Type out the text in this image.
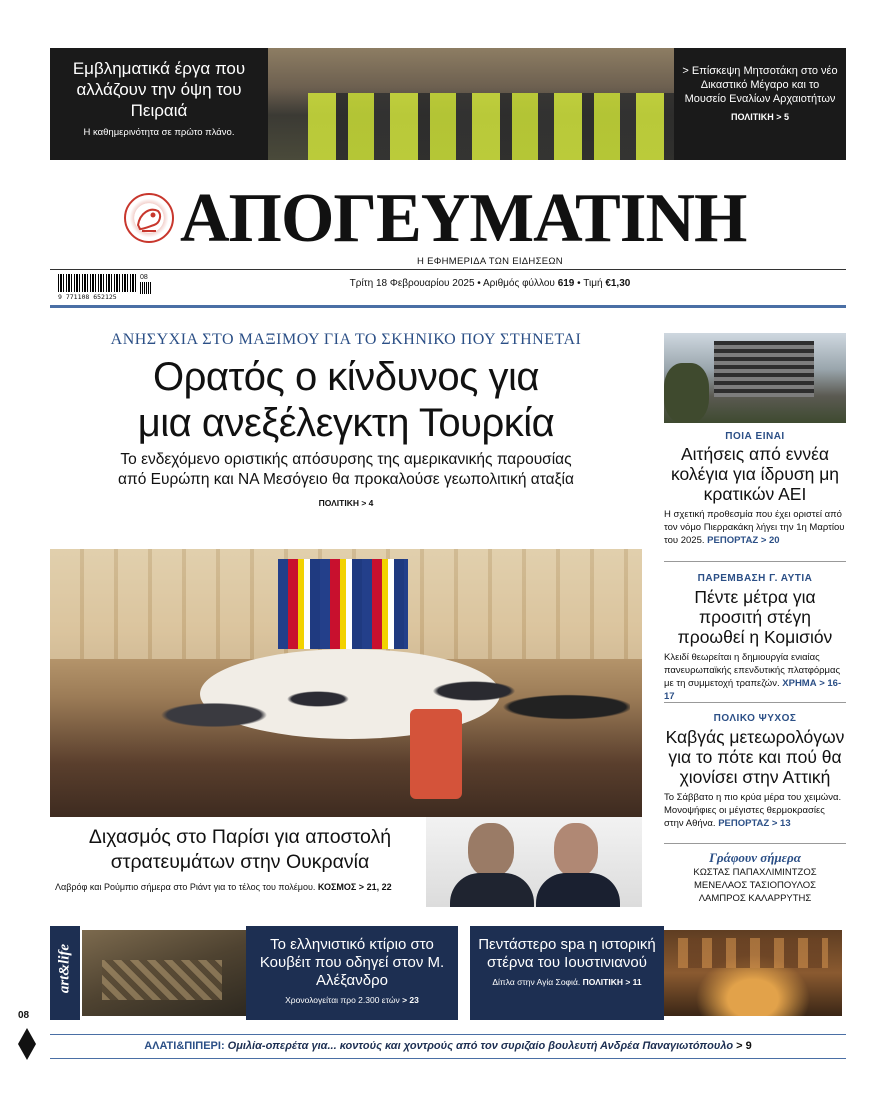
Εμβληματικά έργα που αλλάζουν την όψη του Πειραιά
Η καθημερινότητα σε πρώτο πλάνο.
> Επίσκεψη Μητσοτάκη στο νέο Δικαστικό Μέγαρο και το Μουσείο Εναλίων Αρχαιοτήτων
ΠΟΛΙΤΙΚΗ > 5
ΑΠΟΓΕΥΜΑΤΙΝΗ
Η ΕΦΗΜΕΡΙΔΑ ΤΩΝ ΕΙΔΗΣΕΩΝ
9 771108 652125
08
Τρίτη 18 Φεβρουαρίου 2025 • Αριθμός φύλλου 619 • Τιμή €1,30
ΑΝΗΣΥΧΙΑ ΣΤΟ ΜΑΞΙΜΟΥ ΓΙΑ ΤΟ ΣΚΗΝΙΚΟ ΠΟΥ ΣΤΗΝΕΤΑΙ
Ορατός ο κίνδυνος για
μια ανεξέλεγκτη Τουρκία
Το ενδεχόμενο οριστικής απόσυρσης της αμερικανικής παρουσίας
από Ευρώπη και ΝΑ Μεσόγειο θα προκαλούσε γεωπολιτική αταξία
ΠΟΛΙΤΙΚΗ > 4
Διχασμός στο Παρίσι για αποστολή
στρατευμάτων στην Ουκρανία
Λαβρόφ και Ρούμπιο σήμερα στο Ριάντ για το τέλος του πολέμου. ΚΟΣΜΟΣ > 21, 22
ΠΟΙΑ ΕΙΝΑΙ
Αιτήσεις από εννέα κολέγια για ίδρυση μη κρατικών ΑΕΙ
Η σχετική προθεσμία που έχει οριστεί από τον νόμο Πιερρακάκη λήγει την 1η Μαρτίου του 2025. ΡΕΠΟΡΤΑΖ > 20
ΠΑΡΕΜΒΑΣΗ Γ. ΑΥΤΙΑ
Πέντε μέτρα για προσιτή στέγη προωθεί η Κομισιόν
Κλειδί θεωρείται η δημιουργία ενιαίας πανευρωπαϊκής επενδυτικής πλατφόρμας με τη συμμετοχή τραπεζών. ΧΡΗΜΑ > 16-17
ΠΟΛΙΚΟ ΨΥΧΟΣ
Καβγάς μετεωρολόγων για το πότε και πού θα χιονίσει στην Αττική
Το Σάββατο η πιο κρύα μέρα του χειμώνα. Μονοψήφιες οι μέγιστες θερμοκρασίες στην Αθήνα. ΡΕΠΟΡΤΑΖ > 13
Γράφουν σήμερα
ΚΩΣΤΑΣ ΠΑΠΑΧΛΙΜΙΝΤΖΟΣ
ΜΕΝΕΛΑΟΣ ΤΑΣΙΟΠΟΥΛΟΣ
ΛΑΜΠΡΟΣ ΚΑΛΑΡΡΥΤΗΣ
art&life	Το ελληνιστικό κτίριο στο Κουβέιτ που οδηγεί στον Μ. Αλέξανδρο
Χρονολογείται προ 2.300 ετών > 23
Πεντάστερο spa η ιστορική στέρνα του Ιουστινιανού
Δίπλα στην Αγία Σοφιά. ΠΟΛΙΤΙΚΗ > 11
08
ΑΛΑΤΙ&ΠΙΠΕΡΙ: Ομιλία-οπερέτα για... κοντούς και χοντρούς από τον συριζαίο βουλευτή Ανδρέα Παναγιωτόπουλο > 9
